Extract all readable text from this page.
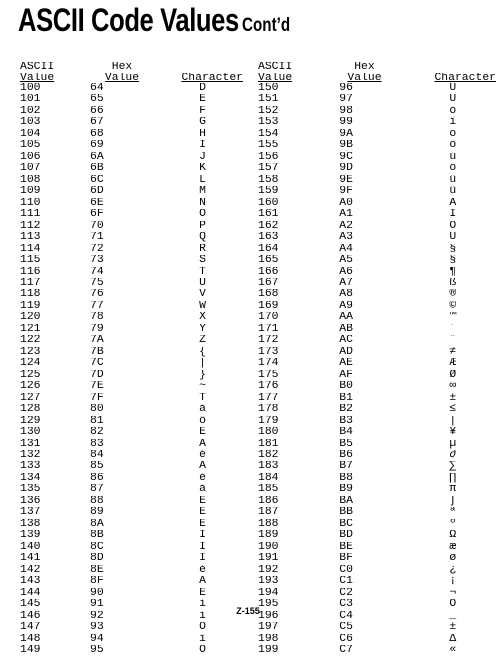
ASCII Code Values Cont’d
ASCII	Hex	
Value	Value	Character
100	64	D
101	65	E
102	66	F
103	67	G
104	68	H
105	69	I
106	6A	J
107	6B	K
108	6C	L
109	6D	M
110	6E	N
111	6F	O
112	70	P
113	71	Q
114	72	R
115	73	S
116	74	T
117	75	U
118	76	V
119	77	W
120	78	X
121	79	Y
122	7A	Z
123	7B	{
124	7C	|
125	7D	}
126	7E	~
127	7F	T
128	80	á
129	81	ô
130	82	E
131	83	A
132	84	é
133	85	A
134	86	è
135	87	á
136	88	E
137	89	E
138	8A	E
139	8B	I
140	8C	I
141	8D	I
142	8E	é
143	8F	Å
144	90	E
145	91	í
146	92	í
147	93	O
148	94	î
149	95	O
ASCII	Hex	
Value	Value	Character
150	96	U
151	97	U
152	98	ò
153	99	î
154	9A	ö
155	9B	õ
156	9C	ú
157	9D	õ
158	9E	û
159	9F	ü
160	A0	A
161	A1	I
162	A2	O
163	A3	U
164	A4	§
165	A5	§
166	A6	¶
167	A7	ß
168	A8	®
169	A9	©
170	AA	™
171	AB	´
172	AC	¨
173	AD	≠
174	AE	Æ
175	AF	Ø
176	B0	∞
177	B1	±
178	B2	≤
179	B3	|
180	B4	¥
181	B5	µ
182	B6	∂
183	B7	∑
184	B8	∏
185	B9	π
186	BA	∫
187	BB	ª
188	BC	º
189	BD	Ω
190	BE	æ
191	BF	ø
192	C0	¿
193	C1	¡
194	C2	¬
195	C3	Ô
196	C4	_
197	C5	±
198	C6	Δ
199	C7	«
Z-155
